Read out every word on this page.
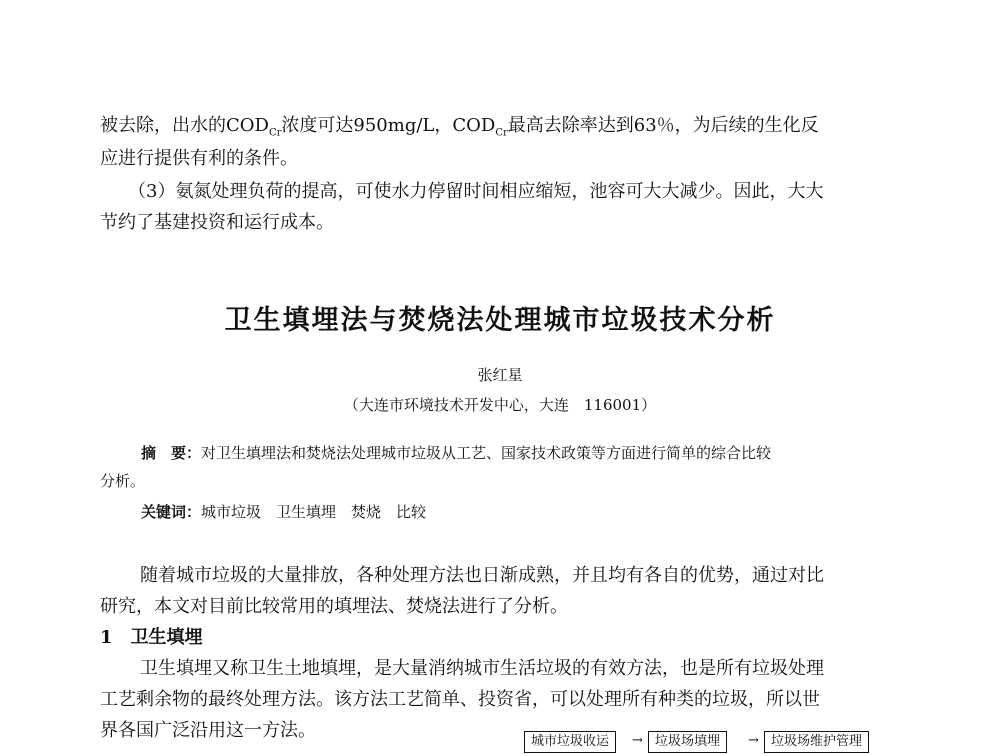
被去除，出水的$COD_{Cr}$浓度可达950mg/L，$COD_{Cr}$最高去除率达到63％，为后续的生化反
应进行提供有利的条件。
（3）氨氮处理负荷的提高，可使水力停留时间相应缩短，池容可大大减少。因此，大大
节约了基建投资和运行成本。
卫生填埋法与焚烧法处理城市垃圾技术分析
张红星
（大连市环境技术开发中心，大连　116001）
摘　要：对卫生填埋法和焚烧法处理城市垃圾从工艺、国家技术政策等方面进行简单的综合比较
分析。
关键词：城市垃圾　卫生填埋　焚烧　比较
随着城市垃圾的大量排放，各种处理方法也日渐成熟，并且均有各自的优势，通过对比
研究，本文对目前比较常用的填埋法、焚烧法进行了分析。
1　卫生填埋
卫生填埋又称卫生土地填埋，是大量消纳城市生活垃圾的有效方法，也是所有垃圾处理
工艺剩余物的最终处理方法。该方法工艺简单、投资省，可以处理所有种类的垃圾，所以世
界各国广泛沿用这一方法。
城市垃圾收运	→ 垃圾场填埋	→ 垃圾场维护管理
